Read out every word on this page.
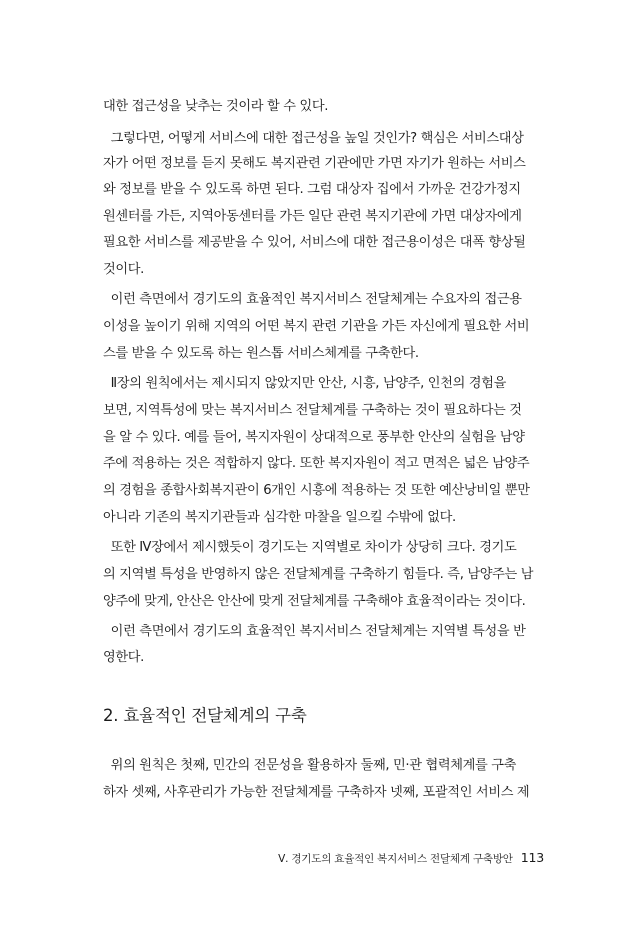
대한 접근성을 낮추는 것이라 할 수 있다.
그렇다면, 어떻게 서비스에 대한 접근성을 높일 것인가? 핵심은 서비스대상
자가 어떤 정보를 듣지 못해도 복지관련 기관에만 가면 자기가 원하는 서비스
와 정보를 받을 수 있도록 하면 된다. 그럼 대상자 집에서 가까운 건강가정지
원센터를 가든, 지역아동센터를 가든 일단 관련 복지기관에 가면 대상자에게
필요한 서비스를 제공받을 수 있어, 서비스에 대한 접근용이성은 대폭 향상될
것이다.
이런 측면에서 경기도의 효율적인 복지서비스 전달체계는 수요자의 접근용
이성을 높이기 위해 지역의 어떤 복지 관련 기관을 가든 자신에게 필요한 서비
스를 받을 수 있도록 하는 원스톱 서비스체계를 구축한다.
Ⅱ장의 원칙에서는 제시되지 않았지만 안산, 시흥, 남양주, 인천의 경험을
보면, 지역특성에 맞는 복지서비스 전달체계를 구축하는 것이 필요하다는 것
을 알 수 있다. 예를 들어, 복지자원이 상대적으로 풍부한 안산의 실험을 남양
주에 적용하는 것은 적합하지 않다. 또한 복지자원이 적고 면적은 넓은 남양주
의 경험을 종합사회복지관이 6개인 시흥에 적용하는 것 또한 예산낭비일 뿐만
아니라 기존의 복지기관들과 심각한 마찰을 일으킬 수밖에 없다.
또한 Ⅳ장에서 제시했듯이 경기도는 지역별로 차이가 상당히 크다. 경기도
의 지역별 특성을 반영하지 않은 전달체계를 구축하기 힘들다. 즉, 남양주는 남
양주에 맞게, 안산은 안산에 맞게 전달체계를 구축해야 효율적이라는 것이다.
이런 측면에서 경기도의 효율적인 복지서비스 전달체계는 지역별 특성을 반
영한다.
2. 효율적인 전달체계의 구축
위의 원칙은 첫째, 민간의 전문성을 활용하자 둘째, 민·관 협력체계를 구축
하자 셋째, 사후관리가 가능한 전달체계를 구축하자 넷째, 포괄적인 서비스 제
Ⅴ. 경기도의 효율적인 복지서비스 전달체계 구축방안 113
